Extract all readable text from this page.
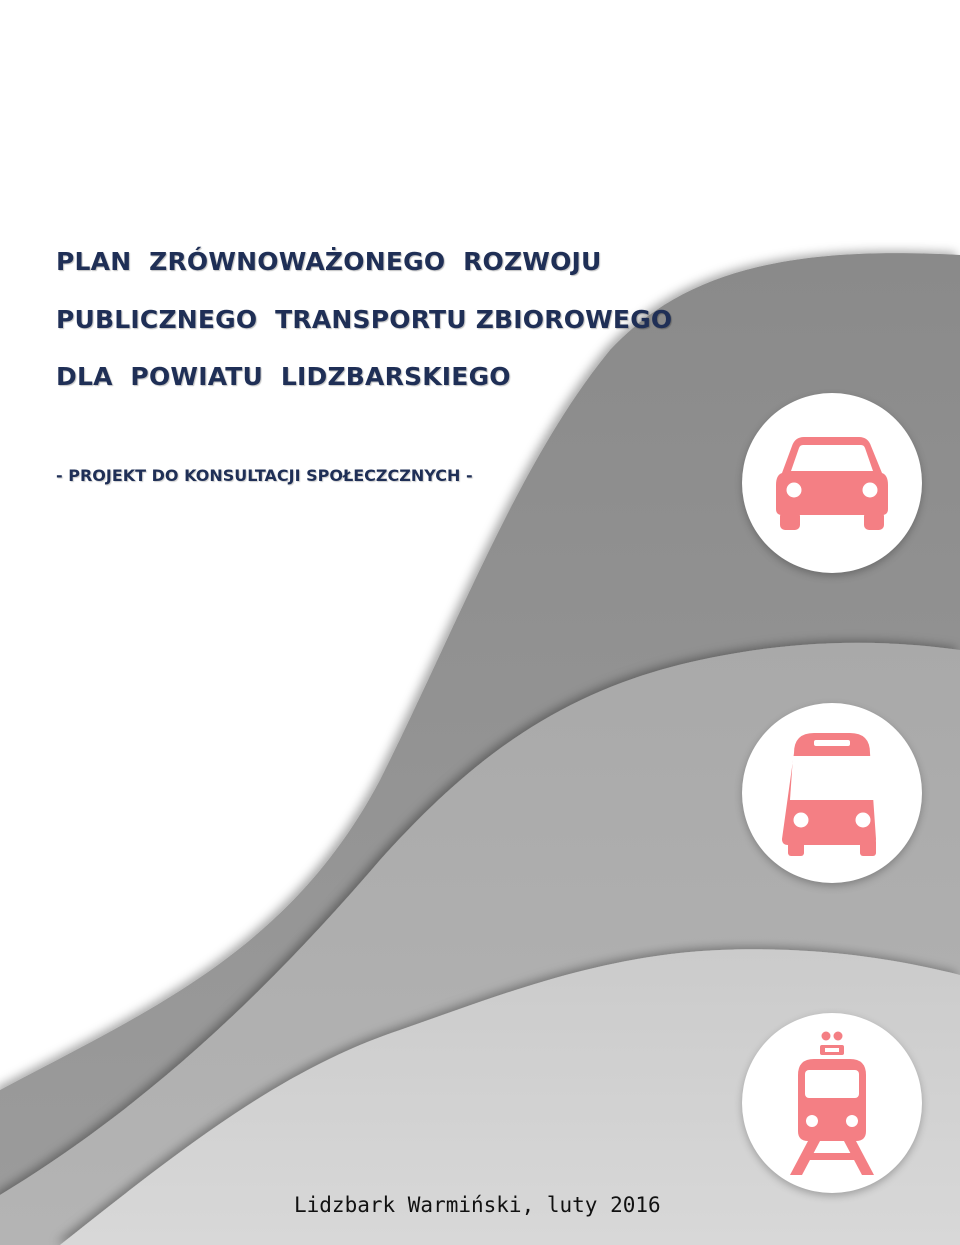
PLAN  ZRÓWNOWAŻONEGO  ROZWOJU
PUBLICZNEGO  TRANSPORTU ZBIOROWEGO
DLA  POWIATU  LIDZBARSKIEGO

- PROJEKT DO KONSULTACJI SPOŁECZCZNYCH -

Lidzbark Warmiński, luty 2016
